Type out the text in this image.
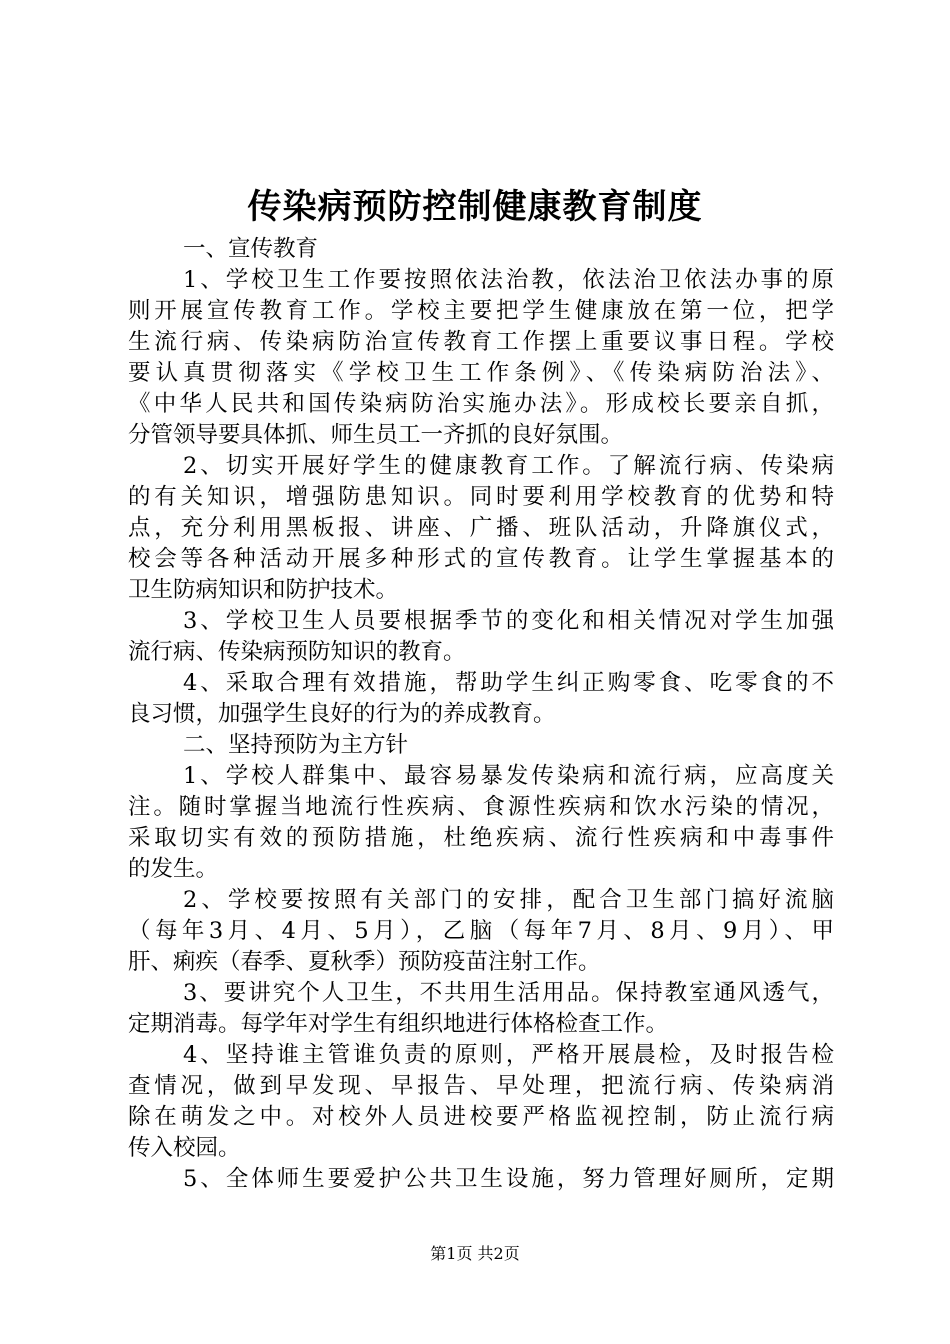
传染病预防控制健康教育制度
一、宣传教育
1、学校卫生工作要按照依法治教，依法治卫依法办事的原
则开展宣传教育工作。学校主要把学生健康放在第一位，把学
生流行病、传染病防治宣传教育工作摆上重要议事日程。学校
要认真贯彻落实《学校卫生工作条例》、《传染病防治法》、
《中华人民共和国传染病防治实施办法》。形成校长要亲自抓，
分管领导要具体抓、师生员工一齐抓的良好氛围。
2、切实开展好学生的健康教育工作。了解流行病、传染病
的有关知识，增强防患知识。同时要利用学校教育的优势和特
点，充分利用黑板报、讲座、广播、班队活动，升降旗仪式，
校会等各种活动开展多种形式的宣传教育。让学生掌握基本的
卫生防病知识和防护技术。
3、学校卫生人员要根据季节的变化和相关情况对学生加强
流行病、传染病预防知识的教育。
4、采取合理有效措施，帮助学生纠正购零食、吃零食的不
良习惯，加强学生良好的行为的养成教育。
二、坚持预防为主方针
1、学校人群集中、最容易暴发传染病和流行病，应高度关
注。随时掌握当地流行性疾病、食源性疾病和饮水污染的情况，
采取切实有效的预防措施，杜绝疾病、流行性疾病和中毒事件
的发生。
2、学校要按照有关部门的安排，配合卫生部门搞好流脑
（每年3月、4月、5月），乙脑（每年7月、8月、9月）、甲
肝、痢疾（春季、夏秋季）预防疫苗注射工作。
3、要讲究个人卫生，不共用生活用品。保持教室通风透气，
定期消毒。每学年对学生有组织地进行体格检查工作。
4、坚持谁主管谁负责的原则，严格开展晨检，及时报告检
查情况，做到早发现、早报告、早处理，把流行病、传染病消
除在萌发之中。对校外人员进校要严格监视控制，防止流行病
传入校园。
5、全体师生要爱护公共卫生设施，努力管理好厕所，定期
第1页 共2页
